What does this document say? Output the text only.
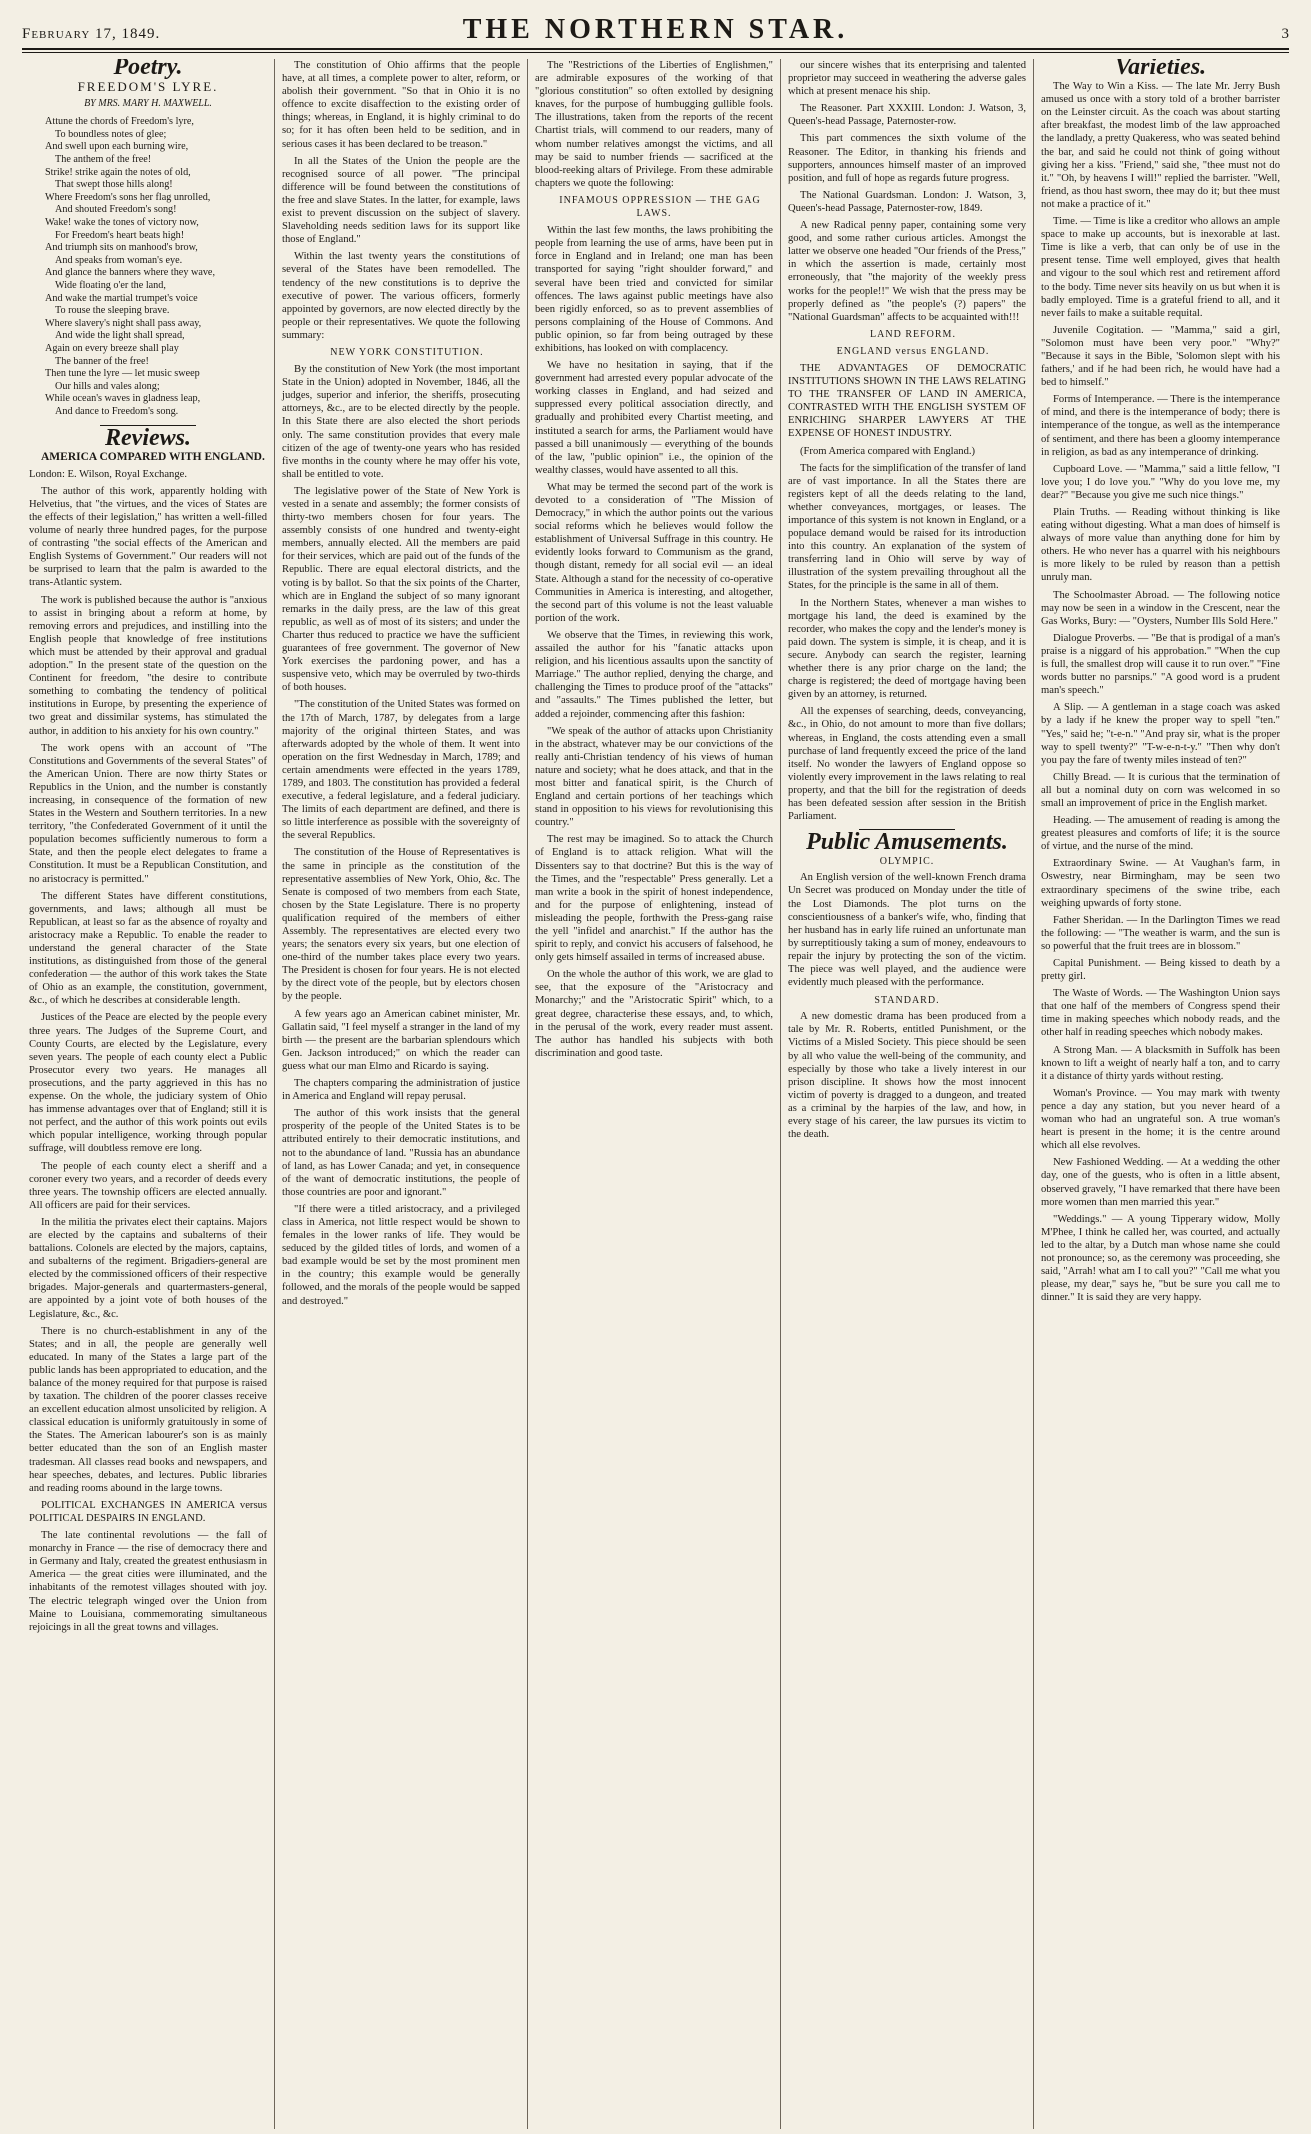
February 17, 1849.	THE NORTHERN STAR.	3
Poetry.
FREEDOM'S LYRE.
BY MRS. MARY H. MAXWELL.
Attune the chords of Freedom's lyre,
To boundless notes of glee;
And swell upon each burning wire,
The anthem of the free!
Strike! strike again the notes of old,
That swept those hills along!
Where Freedom's sons her flag unrolled,
And shouted Freedom's song!
Wake! wake the tones of victory now,
For Freedom's heart beats high!
And triumph sits on manhood's brow,
And speaks from woman's eye.
And glance the banners where they wave,
Wide floating o'er the land,
And wake the martial trumpet's voice
To rouse the sleeping brave.
Where slavery's night shall pass away,
And wide the light shall spread,
Again on every breeze shall play
The banner of the free!
Then tune the lyre — let music sweep
Our hills and vales along;
While ocean's waves in gladness leap,
And dance to Freedom's song.
Reviews.

AMERICA COMPARED WITH ENGLAND.

London: E. Wilson, Royal Exchange.

The author of this work, apparently holding with Helvetius, that "the virtues, and the vices of States are the effects of their legislation," has written a well-filled volume of nearly three hundred pages, for the purpose of contrasting "the social effects of the American and English Systems of Government." Our readers will not be surprised to learn that the palm is awarded to the trans-Atlantic system.

The work is published because the author is "anxious to assist in bringing about a reform at home, by removing errors and prejudices, and instilling into the English people that knowledge of free institutions which must be attended by their approval and gradual adoption." In the present state of the question on the Continent for freedom, "the desire to contribute something to combating the tendency of political institutions in Europe, by presenting the experience of two great and dissimilar systems, has stimulated the author, in addition to his anxiety for his own country."

The work opens with an account of "The Constitutions and Governments of the several States" of the American Union. There are now thirty States or Republics in the Union, and the number is constantly increasing, in consequence of the formation of new States in the Western and Southern territories. In a new territory, "the Confederated Government of it until the population becomes sufficiently numerous to form a State, and then the people elect delegates to frame a Constitution. It must be a Republican Constitution, and no aristocracy is permitted."

The different States have different constitutions, governments, and laws; although all must be Republican, at least so far as the absence of royalty and aristocracy make a Republic. To enable the reader to understand the general character of the State institutions, as distinguished from those of the general confederation — the author of this work takes the State of Ohio as an example, the constitution, government, &c., of which he describes at considerable length.

Justices of the Peace are elected by the people every three years. The Judges of the Supreme Court, and County Courts, are elected by the Legislature, every seven years. The people of each county elect a Public Prosecutor every two years. He manages all prosecutions, and the party aggrieved in this has no expense. On the whole, the judiciary system of Ohio has immense advantages over that of England; still it is not perfect, and the author of this work points out evils which popular intelligence, working through popular suffrage, will doubtless remove ere long.

The people of each county elect a sheriff and a coroner every two years, and a recorder of deeds every three years. The township officers are elected annually. All officers are paid for their services.

In the militia the privates elect their captains. Majors are elected by the captains and subalterns of their battalions. Colonels are elected by the majors, captains, and subalterns of the regiment. Brigadiers-general are elected by the commissioned officers of their respective brigades. Major-generals and quartermasters-general, are appointed by a joint vote of both houses of the Legislature, &c., &c.

There is no church-establishment in any of the States; and in all, the people are generally well educated. In many of the States a large part of the public lands has been appropriated to education, and the balance of the money required for that purpose is raised by taxation. The children of the poorer classes receive an excellent education almost unsolicited by religion. A classical education is uniformly gratuitously in some of the States. The American labourer's son is as mainly better educated than the son of an English master tradesman. All classes read books and newspapers, and hear speeches, debates, and lectures. Public libraries and reading rooms abound in the large towns.

POLITICAL EXCHANGES IN AMERICA versus POLITICAL DESPAIRS IN ENGLAND.

The late continental revolutions — the fall of monarchy in France — the rise of democracy there and in Germany and Italy, created the greatest enthusiasm in America — the great cities were illuminated, and the inhabitants of the remotest villages shouted with joy. The electric telegraph winged over the Union from Maine to Louisiana, commemorating simultaneous rejoicings in all the great towns and villages.

The constitution of Ohio affirms that the people have, at all times, a complete power to alter, reform, or abolish their government. "So that in Ohio it is no offence to excite disaffection to the existing order of things; whereas, in England, it is highly criminal to do so; for it has often been held to be sedition, and in serious cases it has been declared to be treason."

In all the States of the Union the people are the recognised source of all power. "The principal difference will be found between the constitutions of the free and slave States. In the latter, for example, laws exist to prevent discussion on the subject of slavery. Slaveholding needs sedition laws for its support like those of England."

Within the last twenty years the constitutions of several of the States have been remodelled. The tendency of the new constitutions is to deprive the executive of power. The various officers, formerly appointed by governors, are now elected directly by the people or their representatives. We quote the following summary:

NEW YORK CONSTITUTION.

By the constitution of New York (the most important State in the Union) adopted in November, 1846, all the judges, superior and inferior, the sheriffs, prosecuting attorneys, &c., are to be elected directly by the people. In this State there are also elected the short periods only. The same constitution provides that every male citizen of the age of twenty-one years who has resided five months in the county where he may offer his vote, shall be entitled to vote.

The legislative power of the State of New York is vested in a senate and assembly; the former consists of thirty-two members chosen for four years. The assembly consists of one hundred and twenty-eight members, annually elected. All the members are paid for their services, which are paid out of the funds of the Republic. There are equal electoral districts, and the voting is by ballot. So that the six points of the Charter, which are in England the subject of so many ignorant remarks in the daily press, are the law of this great republic, as well as of most of its sisters; and under the Charter thus reduced to practice we have the sufficient guarantees of free government. The governor of New York exercises the pardoning power, and has a suspensive veto, which may be overruled by two-thirds of both houses.

"The constitution of the United States was formed on the 17th of March, 1787, by delegates from a large majority of the original thirteen States, and was afterwards adopted by the whole of them. It went into operation on the first Wednesday in March, 1789; and certain amendments were effected in the years 1789, 1789, and 1803. The constitution has provided a federal executive, a federal legislature, and a federal judiciary. The limits of each department are defined, and there is so little interference as possible with the sovereignty of the several Republics.

The constitution of the House of Representatives is the same in principle as the constitution of the representative assemblies of New York, Ohio, &c. The Senate is composed of two members from each State, chosen by the State Legislature. There is no property qualification required of the members of either Assembly. The representatives are elected every two years; the senators every six years, but one election of one-third of the number takes place every two years. The President is chosen for four years. He is not elected by the direct vote of the people, but by electors chosen by the people.

A few years ago an American cabinet minister, Mr. Gallatin said, "I feel myself a stranger in the land of my birth — the present are the barbarian splendours which Gen. Jackson introduced;" on which the reader can guess what our man Elmo and Ricardo is saying.

The chapters comparing the administration of justice in America and England will repay perusal.

The author of this work insists that the general prosperity of the people of the United States is to be attributed entirely to their democratic institutions, and not to the abundance of land. "Russia has an abundance of land, as has Lower Canada; and yet, in consequence of the want of democratic institutions, the people of those countries are poor and ignorant."

"If there were a titled aristocracy, and a privileged class in America, not little respect would be shown to females in the lower ranks of life. They would be seduced by the gilded titles of lords, and women of a bad example would be set by the most prominent men in the country; this example would be generally followed, and the morals of the people would be sapped and destroyed."

The "Restrictions of the Liberties of Englishmen," are admirable exposures of the working of that "glorious constitution" so often extolled by designing knaves, for the purpose of humbugging gullible fools. The illustrations, taken from the reports of the recent Chartist trials, will commend to our readers, many of whom number relatives amongst the victims, and all may be said to number friends — sacrificed at the blood-reeking altars of Privilege. From these admirable chapters we quote the following:

INFAMOUS OPPRESSION — THE GAG LAWS.

Within the last few months, the laws prohibiting the people from learning the use of arms, have been put in force in England and in Ireland; one man has been transported for saying "right shoulder forward," and several have been tried and convicted for similar offences. The laws against public meetings have also been rigidly enforced, so as to prevent assemblies of persons complaining of the House of Commons. And public opinion, so far from being outraged by these exhibitions, has looked on with complacency.

We have no hesitation in saying, that if the government had arrested every popular advocate of the working classes in England, and had seized and suppressed every political association directly, and gradually and prohibited every Chartist meeting, and instituted a search for arms, the Parliament would have passed a bill unanimously — everything of the bounds of the law, "public opinion" i.e., the opinion of the wealthy classes, would have assented to all this.

What may be termed the second part of the work is devoted to a consideration of "The Mission of Democracy," in which the author points out the various social reforms which he believes would follow the establishment of Universal Suffrage in this country. He evidently looks forward to Communism as the grand, though distant, remedy for all social evil — an ideal State. Although a stand for the necessity of co-operative Communities in America is interesting, and altogether, the second part of this volume is not the least valuable portion of the work.

We observe that the Times, in reviewing this work, assailed the author for his "fanatic attacks upon religion, and his licentious assaults upon the sanctity of Marriage." The author replied, denying the charge, and challenging the Times to produce proof of the "attacks" and "assaults." The Times published the letter, but added a rejoinder, commencing after this fashion:

"We speak of the author of attacks upon Christianity in the abstract, whatever may be our convictions of the really anti-Christian tendency of his views of human nature and society; what he does attack, and that in the most bitter and fanatical spirit, is the Church of England and certain portions of her teachings which stand in opposition to his views for revolutionising this country."

The rest may be imagined. So to attack the Church of England is to attack religion. What will the Dissenters say to that doctrine? But this is the way of the Times, and the "respectable" Press generally. Let a man write a book in the spirit of honest independence, and for the purpose of enlightening, instead of misleading the people, forthwith the Press-gang raise the yell "infidel and anarchist." If the author has the spirit to reply, and convict his accusers of falsehood, he only gets himself assailed in terms of increased abuse.

On the whole the author of this work, we are glad to see, that the exposure of the "Aristocracy and Monarchy;" and the "Aristocratic Spirit" which, to a great degree, characterise these essays, and, to which, in the perusal of the work, every reader must assent. The author has handled his subjects with both discrimination and good taste.

our sincere wishes that its enterprising and talented proprietor may succeed in weathering the adverse gales which at present menace his ship.

The Reasoner. Part XXXIII. London: J. Watson, 3, Queen's-head Passage, Paternoster-row.

This part commences the sixth volume of the Reasoner. The Editor, in thanking his friends and supporters, announces himself master of an improved position, and full of hope as regards future progress.

The National Guardsman. London: J. Watson, 3, Queen's-head Passage, Paternoster-row, 1849.

A new Radical penny paper, containing some very good, and some rather curious articles. Amongst the latter we observe one headed "Our friends of the Press," in which the assertion is made, certainly most erroneously, that "the majority of the weekly press works for the people!!" We wish that the press may be properly defined as "the people's (?) papers" the "National Guardsman" affects to be acquainted with!!!

LAND REFORM.

ENGLAND versus ENGLAND.

THE ADVANTAGES OF DEMOCRATIC INSTITUTIONS SHOWN IN THE LAWS RELATING TO THE TRANSFER OF LAND IN AMERICA, CONTRASTED WITH THE ENGLISH SYSTEM OF ENRICHING SHARPER LAWYERS AT THE EXPENSE OF HONEST INDUSTRY.

(From America compared with England.)

The facts for the simplification of the transfer of land are of vast importance. In all the States there are registers kept of all the deeds relating to the land, whether conveyances, mortgages, or leases. The importance of this system is not known in England, or a populace demand would be raised for its introduction into this country. An explanation of the system of transferring land in Ohio will serve by way of illustration of the system prevailing throughout all the States, for the principle is the same in all of them.

In the Northern States, whenever a man wishes to mortgage his land, the deed is examined by the recorder, who makes the copy and the lender's money is paid down. The system is simple, it is cheap, and it is secure. Anybody can search the register, learning whether there is any prior charge on the land; the charge is registered; the deed of mortgage having been given by an attorney, is returned.

All the expenses of searching, deeds, conveyancing, &c., in Ohio, do not amount to more than five dollars; whereas, in England, the costs attending even a small purchase of land frequently exceed the price of the land itself. No wonder the lawyers of England oppose so violently every improvement in the laws relating to real property, and that the bill for the registration of deeds has been defeated session after session in the British Parliament.

Public Amusements.
OLYMPIC.

An English version of the well-known French drama Un Secret was produced on Monday under the title of the Lost Diamonds. The plot turns on the conscientiousness of a banker's wife, who, finding that her husband has in early life ruined an unfortunate man by surreptitiously taking a sum of money, endeavours to repair the injury by protecting the son of the victim. The piece was well played, and the audience were evidently much pleased with the performance.

STANDARD.

A new domestic drama has been produced from a tale by Mr. R. Roberts, entitled Punishment, or the Victims of a Misled Society. This piece should be seen by all who value the well-being of the community, and especially by those who take a lively interest in our prison discipline. It shows how the most innocent victim of poverty is dragged to a dungeon, and treated as a criminal by the harpies of the law, and how, in every stage of his career, the law pursues its victim to the death.

Varieties.

The Way to Win a Kiss. — The late Mr. Jerry Bush amused us once with a story told of a brother barrister on the Leinster circuit. As the coach was about starting after breakfast, the modest limb of the law approached the landlady, a pretty Quakeress, who was seated behind the bar, and said he could not think of going without giving her a kiss. "Friend," said she, "thee must not do it." "Oh, by heavens I will!" replied the barrister. "Well, friend, as thou hast sworn, thee may do it; but thee must not make a practice of it."

Time. — Time is like a creditor who allows an ample space to make up accounts, but is inexorable at last. Time is like a verb, that can only be of use in the present tense. Time well employed, gives that health and vigour to the soul which rest and retirement afford to the body. Time never sits heavily on us but when it is badly employed. Time is a grateful friend to all, and it never fails to make a suitable requital.

Juvenile Cogitation. — "Mamma," said a girl, "Solomon must have been very poor." "Why?" "Because it says in the Bible, 'Solomon slept with his fathers,' and if he had been rich, he would have had a bed to himself."

Forms of Intemperance. — There is the intemperance of mind, and there is the intemperance of body; there is intemperance of the tongue, as well as the intemperance of sentiment, and there has been a gloomy intemperance in religion, as bad as any intemperance of drinking.

Cupboard Love. — "Mamma," said a little fellow, "I love you; I do love you." "Why do you love me, my dear?" "Because you give me such nice things."

Plain Truths. — Reading without thinking is like eating without digesting. What a man does of himself is always of more value than anything done for him by others. He who never has a quarrel with his neighbours is more likely to be ruled by reason than a pettish unruly man.

The Schoolmaster Abroad. — The following notice may now be seen in a window in the Crescent, near the Gas Works, Bury: — "Oysters, Number Ills Sold Here."

Dialogue Proverbs. — "Be that is prodigal of a man's praise is a niggard of his approbation." "When the cup is full, the smallest drop will cause it to run over." "Fine words butter no parsnips." "A good word is a prudent man's speech."

A Slip. — A gentleman in a stage coach was asked by a lady if he knew the proper way to spell "ten." "Yes," said he; "t-e-n." "And pray sir, what is the proper way to spell twenty?" "T-w-e-n-t-y." "Then why don't you pay the fare of twenty miles instead of ten?"

Chilly Bread. — It is curious that the termination of all but a nominal duty on corn was welcomed in so small an improvement of price in the English market.

Heading. — The amusement of reading is among the greatest pleasures and comforts of life; it is the source of virtue, and the nurse of the mind.

Extraordinary Swine. — At Vaughan's farm, in Oswestry, near Birmingham, may be seen two extraordinary specimens of the swine tribe, each weighing upwards of forty stone.

Father Sheridan. — In the Darlington Times we read the following: — "The weather is warm, and the sun is so powerful that the fruit trees are in blossom."

Capital Punishment. — Being kissed to death by a pretty girl.

The Waste of Words. — The Washington Union says that one half of the members of Congress spend their time in making speeches which nobody reads, and the other half in reading speeches which nobody makes.

A Strong Man. — A blacksmith in Suffolk has been known to lift a weight of nearly half a ton, and to carry it a distance of thirty yards without resting.

Woman's Province. — You may mark with twenty pence a day any station, but you never heard of a woman who had an ungrateful son. A true woman's heart is present in the home; it is the centre around which all else revolves.

New Fashioned Wedding. — At a wedding the other day, one of the guests, who is often in a little absent, observed gravely, "I have remarked that there have been more women than men married this year."

"Weddings." — A young Tipperary widow, Molly M'Phee, I think he called her, was courted, and actually led to the altar, by a Dutch man whose name she could not pronounce; so, as the ceremony was proceeding, she said, "Arrah! what am I to call you?" "Call me what you please, my dear," says he, "but be sure you call me to dinner." It is said they are very happy.
